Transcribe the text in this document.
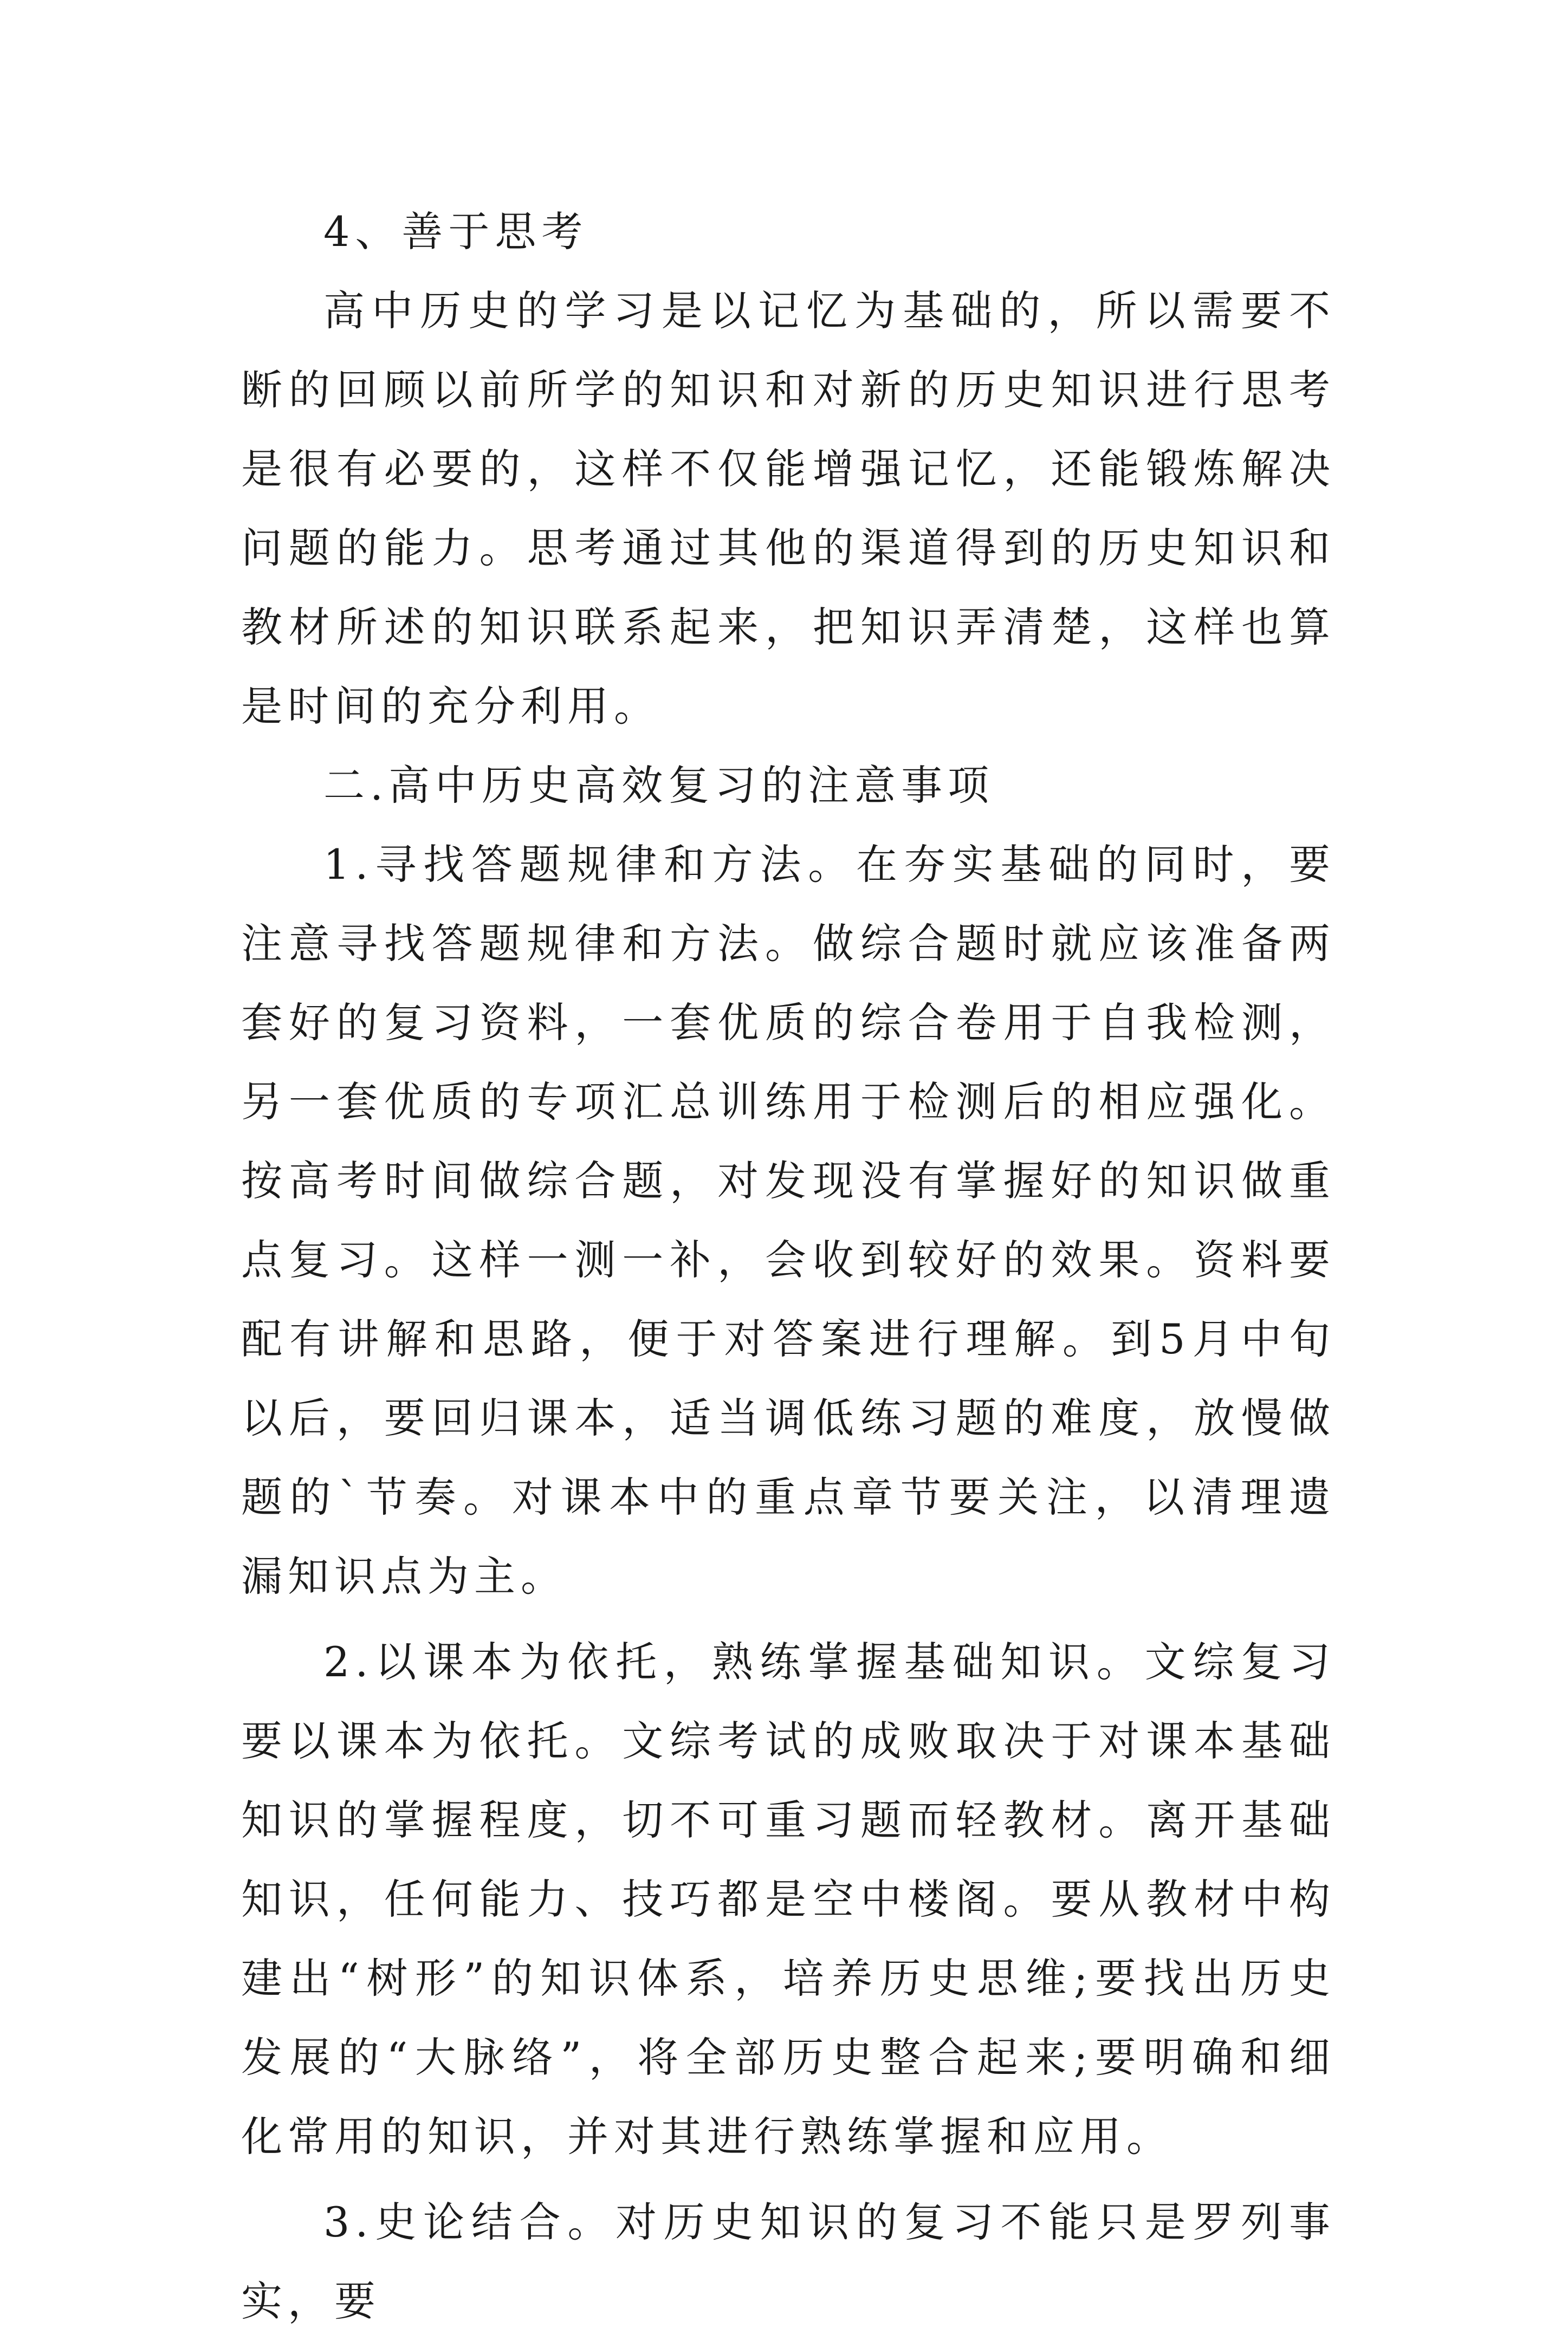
4、善于思考

高中历史的学习是以记忆为基础的，所以需要不断的回顾以前所学的知识和对新的历史知识进行思考是很有必要的，这样不仅能增强记忆，还能锻炼解决问题的能力。思考通过其他的渠道得到的历史知识和教材所述的知识联系起来，把知识弄清楚，这样也算是时间的充分利用。

二.高中历史高效复习的注意事项

1.寻找答题规律和方法。在夯实基础的同时，要注意寻找答题规律和方法。做综合题时就应该准备两套好的复习资料，一套优质的综合卷用于自我检测，另一套优质的专项汇总训练用于检测后的相应强化。按高考时间做综合题，对发现没有掌握好的知识做重点复习。这样一测一补，会收到较好的效果。资料要配有讲解和思路，便于对答案进行理解。到5月中旬以后，要回归课本，适当调低练习题的难度，放慢做题的`节奏。对课本中的重点章节要关注，以清理遗漏知识点为主。

2.以课本为依托，熟练掌握基础知识。文综复习要以课本为依托。文综考试的成败取决于对课本基础知识的掌握程度，切不可重习题而轻教材。离开基础知识，任何能力、技巧都是空中楼阁。要从教材中构建出“树形”的知识体系，培养历史思维;要找出历史发展的“大脉络”，将全部历史整合起来;要明确和细化常用的知识，并对其进行熟练掌握和应用。

3.史论结合。对历史知识的复习不能只是罗列事实，要
